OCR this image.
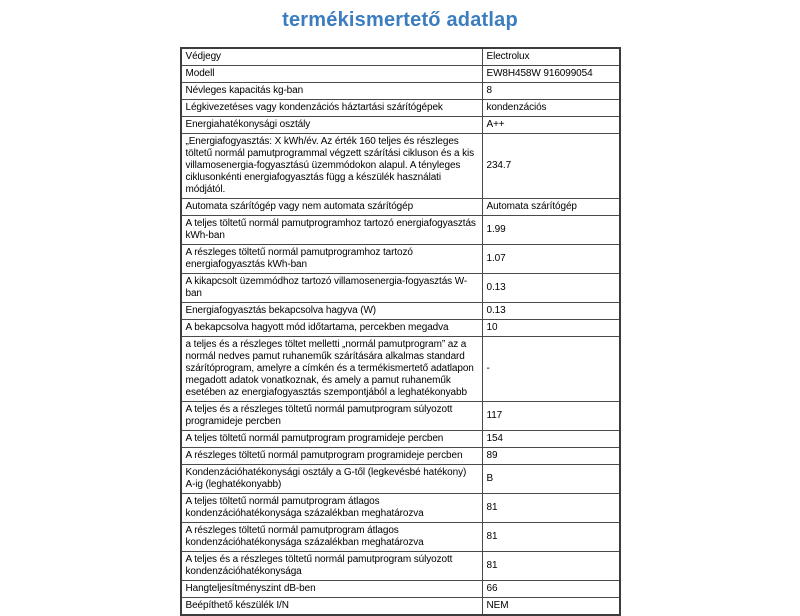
termékismertető adatlap
Védjegy	Electrolux
Modell	EW8H458W 916099054
Névleges kapacitás kg-ban	8
Légkivezetéses vagy kondenzációs háztartási szárítógépek	kondenzációs
Energiahatékonysági osztály	A++
„Energiafogyasztás: X kWh/év. Az érték 160 teljes és részleges töltetű normál pamutprogrammal végzett szárítási cikluson és a kis villamosenergia-fogyasztású üzemmódokon alapul. A tényleges ciklusonkénti energiafogyasztás függ a készülék használati módjától.	234.7
Automata szárítógép vagy nem automata szárítógép	Automata szárítógép
A teljes töltetű normál pamutprogramhoz tartozó energiafogyasztás kWh-ban	1.99
A részleges töltetű normál pamutprogramhoz tartozó energiafogyasztás kWh-ban	1.07
A kikapcsolt üzemmódhoz tartozó villamosenergia-fogyasztás W-ban	0.13
Energiafogyasztás bekapcsolva hagyva (W)	0.13
A bekapcsolva hagyott mód időtartama, percekben megadva	10
a teljes és a részleges töltet melletti „normál pamutprogram” az a normál nedves pamut ruhaneműk szárítására alkalmas standard szárítóprogram, amelyre a címkén és a termékismertető adatlapon megadott adatok vonatkoznak, és amely a pamut ruhaneműk esetében az energiafogyasztás szempontjából a leghatékonyabb	-
A teljes és a részleges töltetű normál pamutprogram súlyozott programideje percben	117
A teljes töltetű normál pamutprogram programideje percben	154
A részleges töltetű normál pamutprogram programideje percben	89
Kondenzációhatékonysági osztály a G-től (legkevésbé hatékony) A-ig (leghatékonyabb)	B
A teljes töltetű normál pamutprogram átlagos kondenzációhatékonysága százalékban meghatározva	81
A részleges töltetű normál pamutprogram átlagos kondenzációhatékonysága százalékban meghatározva	81
A teljes és a részleges töltetű normál pamutprogram súlyozott kondenzációhatékonysága	81
Hangteljesítményszint dB-ben	66
Beépíthető készülék I/N	NEM
